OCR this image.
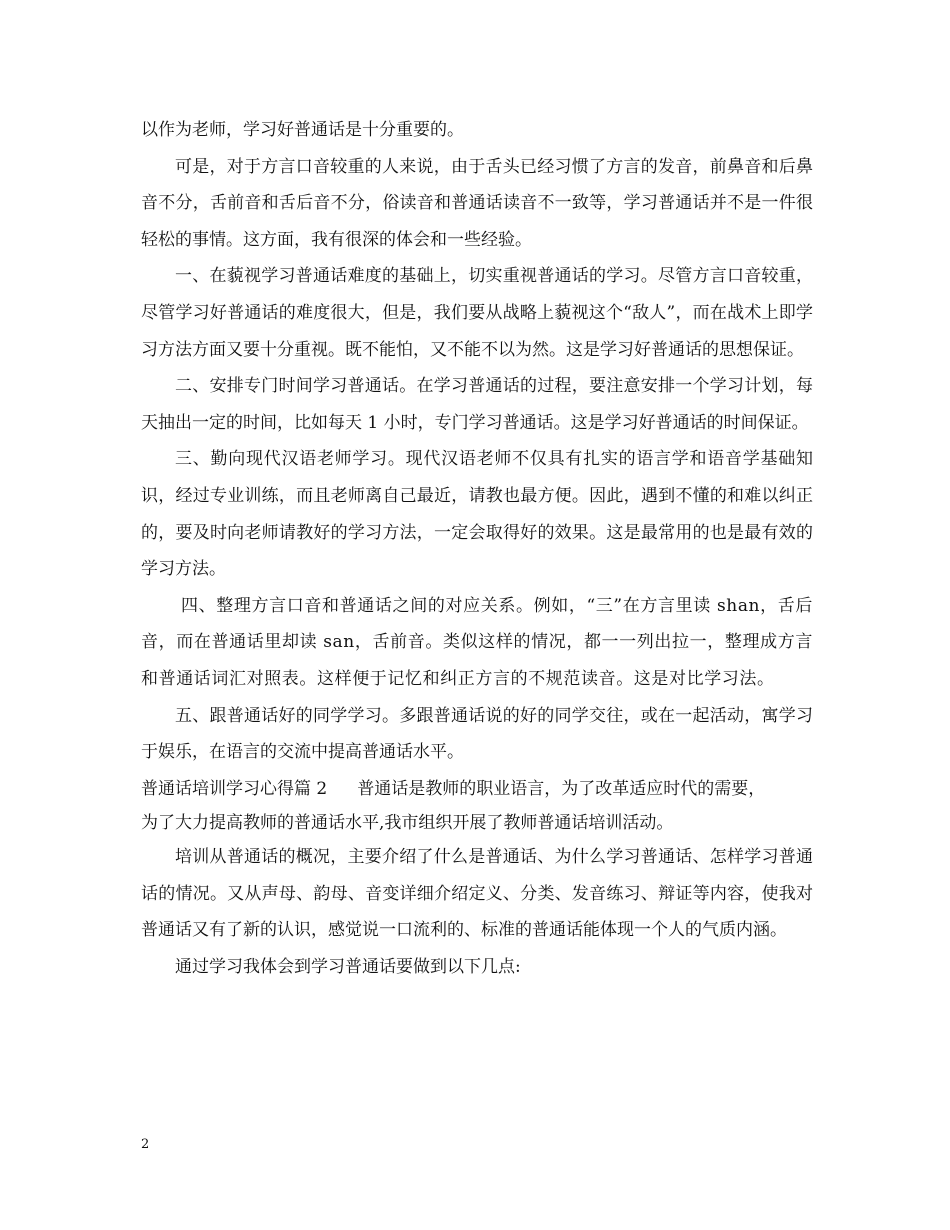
以作为老师，学习好普通话是十分重要的。

可是，对于方言口音较重的人来说，由于舌头已经习惯了方言的发音，前鼻音和后鼻音不分，舌前音和舌后音不分，俗读音和普通话读音不一致等，学习普通话并不是一件很轻松的事情。这方面，我有很深的体会和一些经验。

一、在藐视学习普通话难度的基础上，切实重视普通话的学习。尽管方言口音较重，尽管学习好普通话的难度很大，但是，我们要从战略上藐视这个“敌人”，而在战术上即学习方法方面又要十分重视。既不能怕，又不能不以为然。这是学习好普通话的思想保证。

二、安排专门时间学习普通话。在学习普通话的过程，要注意安排一个学习计划，每天抽出一定的时间，比如每天 1 小时，专门学习普通话。这是学习好普通话的时间保证。

三、勤向现代汉语老师学习。现代汉语老师不仅具有扎实的语言学和语音学基础知识，经过专业训练，而且老师离自己最近，请教也最方便。因此，遇到不懂的和难以纠正的，要及时向老师请教好的学习方法，一定会取得好的效果。这是最常用的也是最有效的学习方法。

四、整理方言口音和普通话之间的对应关系。例如，“三”在方言里读 shan，舌后音，而在普通话里却读 san，舌前音。类似这样的情况，都一一列出拉一，整理成方言和普通话词汇对照表。这样便于记忆和纠正方言的不规范读音。这是对比学习法。

五、跟普通话好的同学学习。多跟普通话说的好的同学交往，或在一起活动，寓学习于娱乐，在语言的交流中提高普通话水平。

普通话培训学习心得篇 2 普通话是教师的职业语言，为了改革适应时代的需要，

为了大力提高教师的普通话水平,我市组织开展了教师普通话培训活动。

培训从普通话的概况，主要介绍了什么是普通话、为什么学习普通话、怎样学习普通话的情况。又从声母、韵母、音变详细介绍定义、分类、发音练习、辩证等内容，使我对普通话又有了新的认识，感觉说一口流利的、标准的普通话能体现一个人的气质内涵。

通过学习我体会到学习普通话要做到以下几点:

2
